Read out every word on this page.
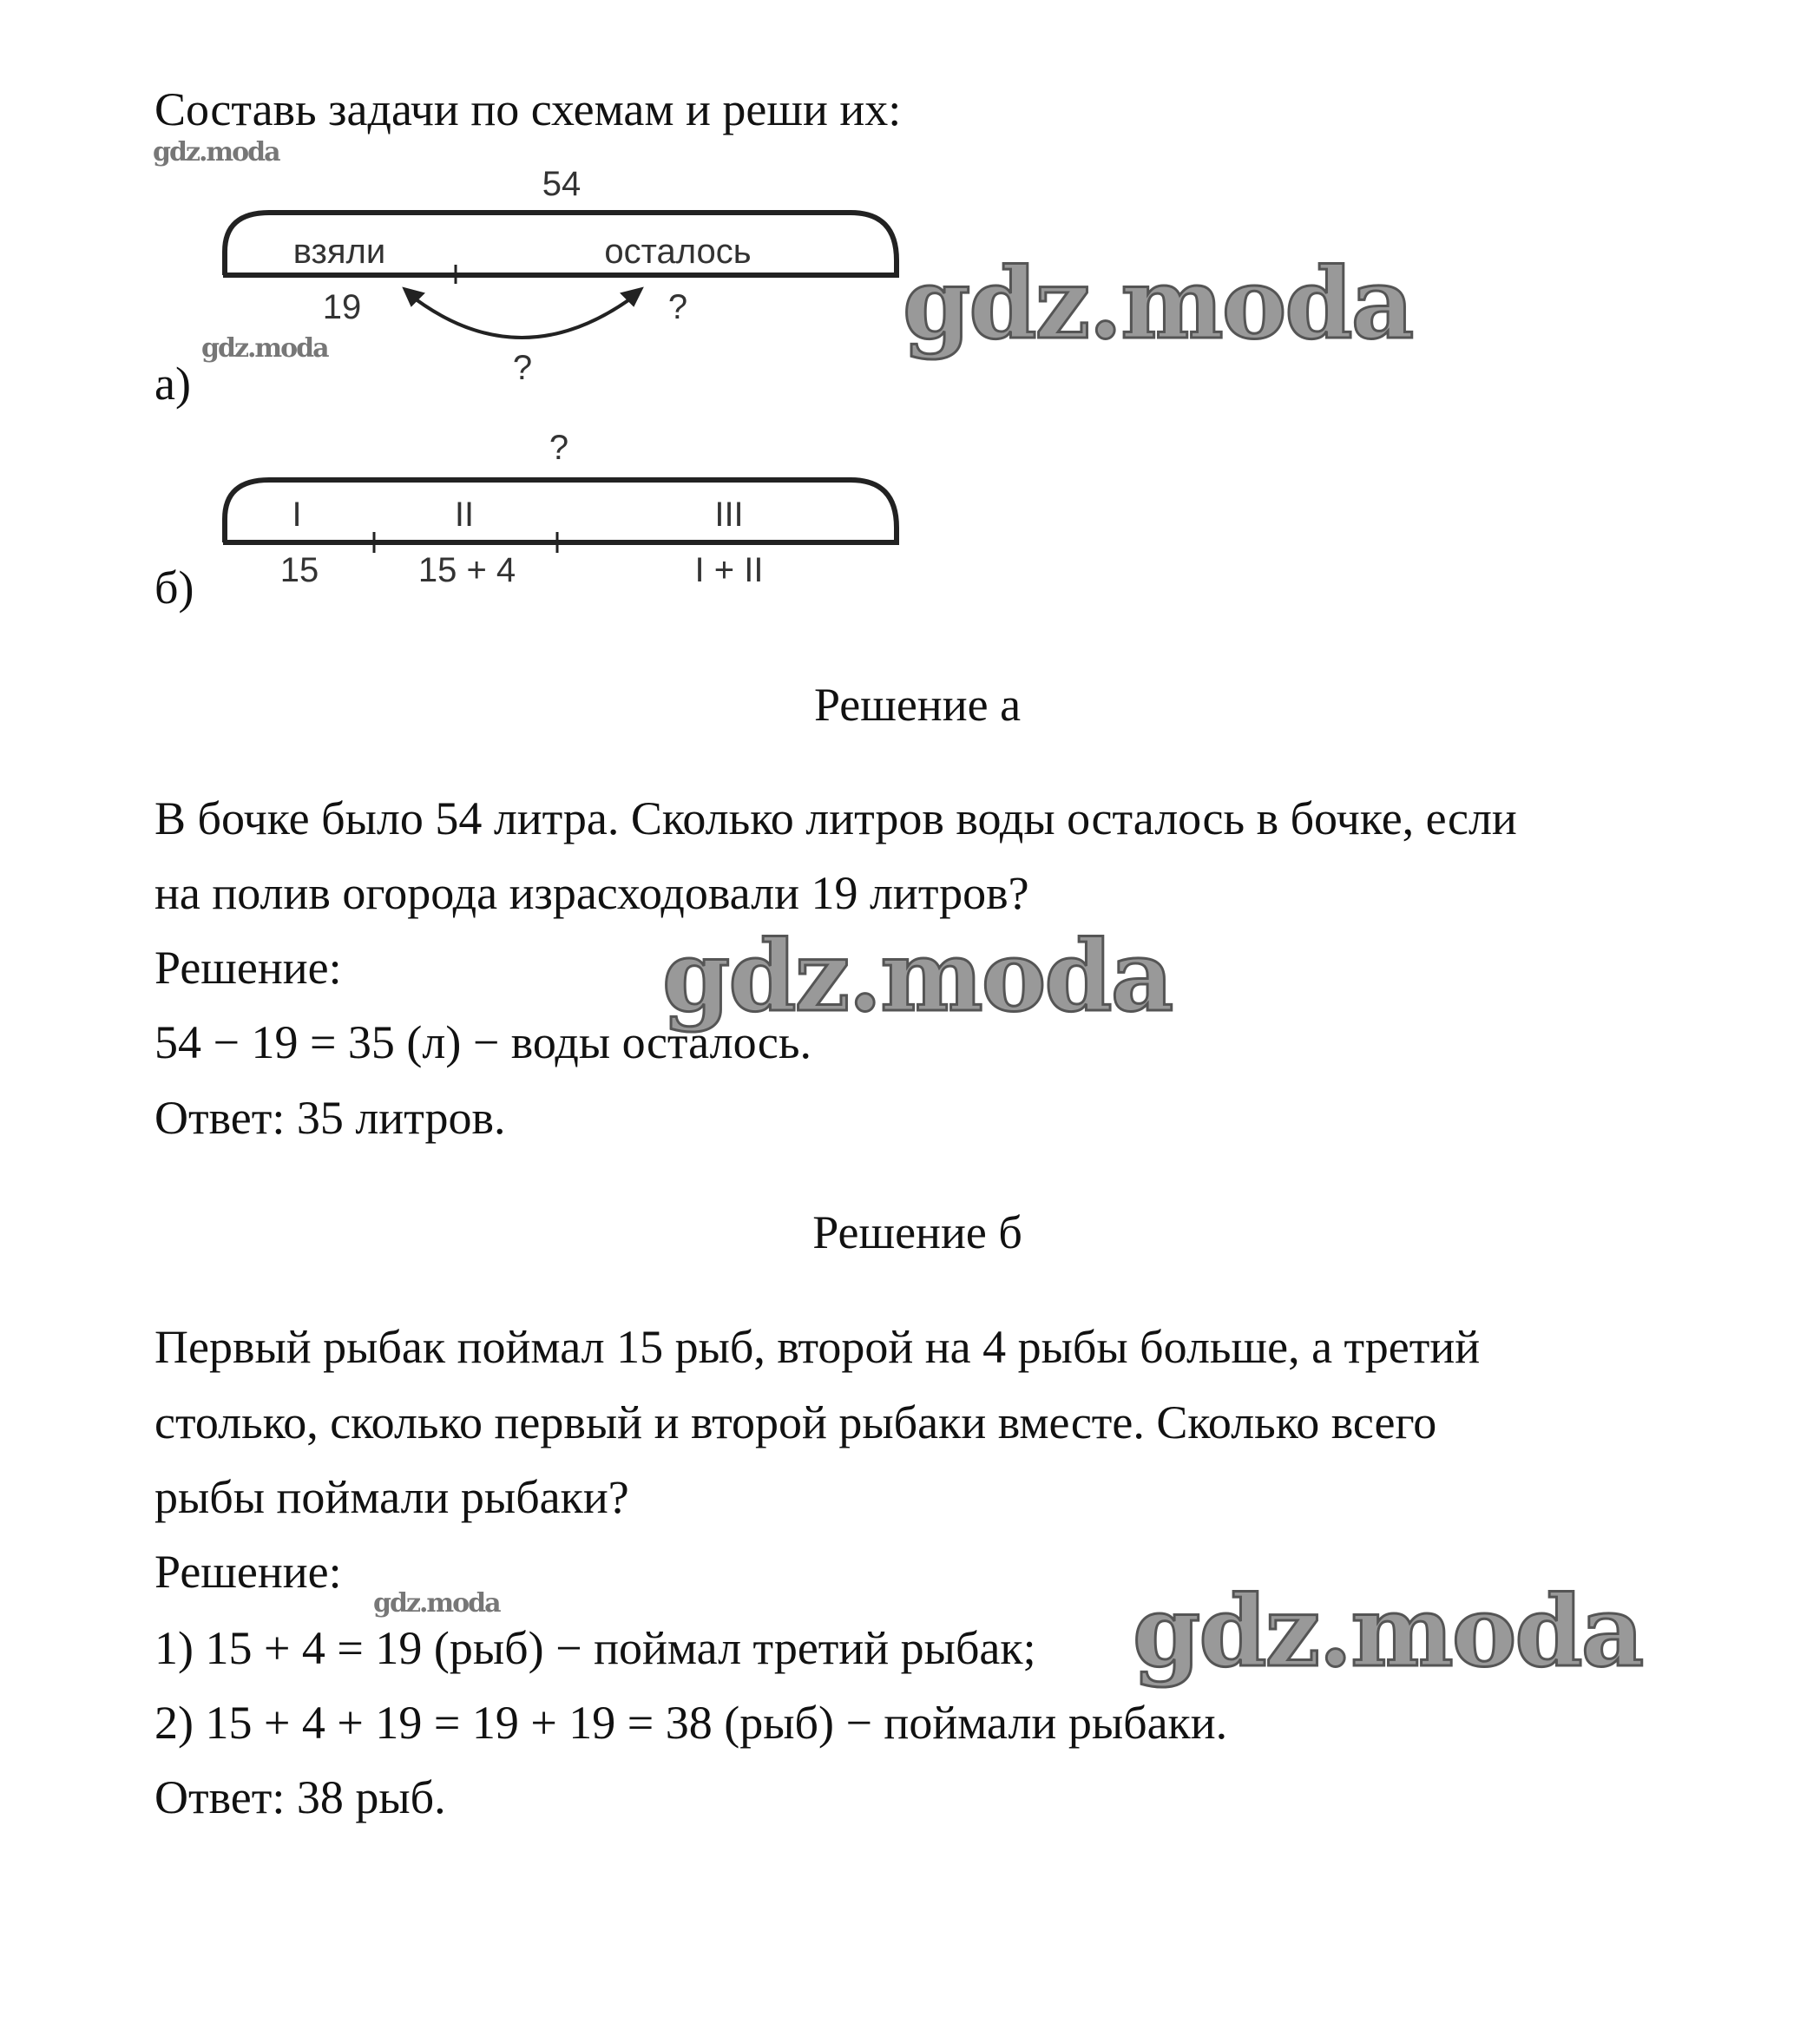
Составь задачи по схемам и реши их:
54
взяли	осталось
19	?
?
а)
?
I	II	III
15	15 + 4	I + II
б)
Решение а
В бочке было 54 литра. Сколько литров воды осталось в бочке, если
на полив огорода израсходовали 19 литров?
Решение:
54 − 19 = 35 (л) − воды осталось.
Ответ: 35 литров.
Решение б
Первый рыбак поймал 15 рыб, второй на 4 рыбы больше, а третий
столько, сколько первый и второй рыбаки вместе. Сколько всего
рыбы поймали рыбаки?
Решение:
1) 15 + 4 = 19 (рыб) − поймал третий рыбак;
2) 15 + 4 + 19 = 19 + 19 = 38 (рыб) − поймали рыбаки.
Ответ: 38 рыб.
gdz.moda
gdz.moda
gdz.moda
gdz.moda
gdz.moda
gdz.moda
